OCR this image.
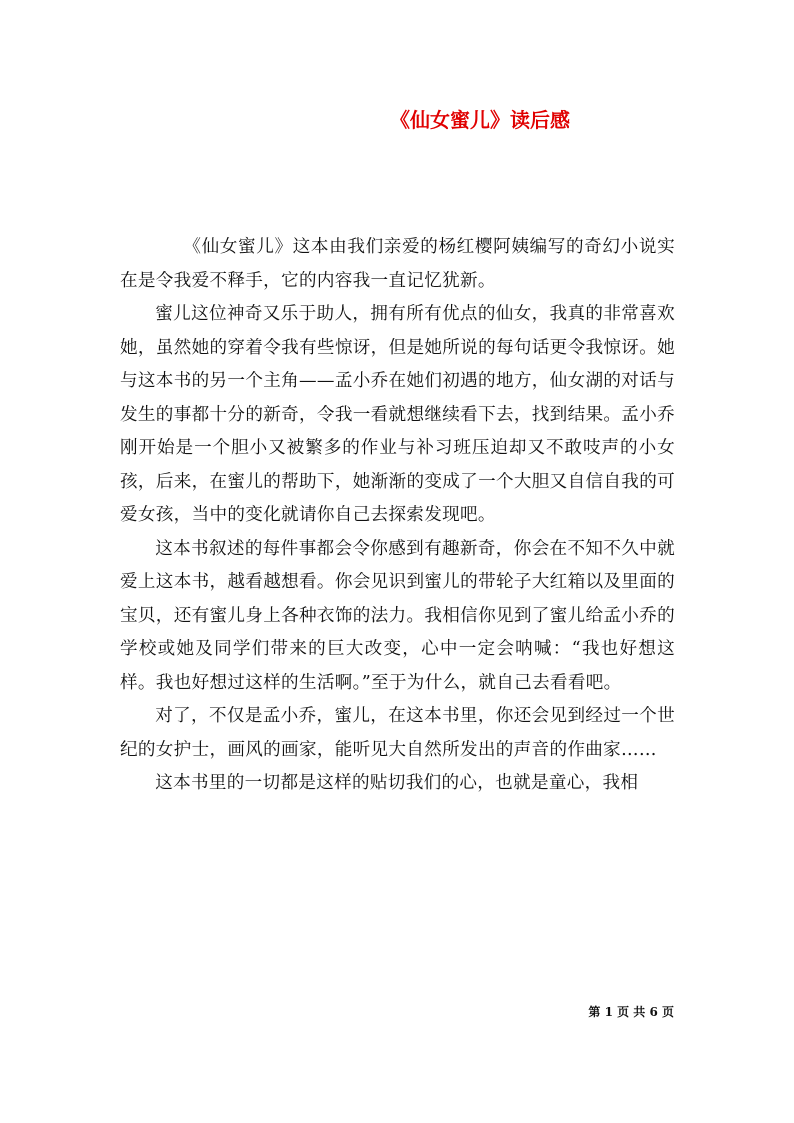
《仙女蜜儿》读后感

《仙女蜜儿》这本由我们亲爱的杨红樱阿姨编写的奇幻小说实在是令我爱不释手，它的内容我一直记忆犹新。

蜜儿这位神奇又乐于助人，拥有所有优点的仙女，我真的非常喜欢她，虽然她的穿着令我有些惊讶，但是她所说的每句话更令我惊讶。她与这本书的另一个主角——孟小乔在她们初遇的地方，仙女湖的对话与发生的事都十分的新奇，令我一看就想继续看下去，找到结果。孟小乔刚开始是一个胆小又被繁多的作业与补习班压迫却又不敢吱声的小女孩，后来，在蜜儿的帮助下，她渐渐的变成了一个大胆又自信自我的可爱女孩，当中的变化就请你自己去探索发现吧。

这本书叙述的每件事都会令你感到有趣新奇，你会在不知不久中就爱上这本书，越看越想看。你会见识到蜜儿的带轮子大红箱以及里面的宝贝，还有蜜儿身上各种衣饰的法力。我相信你见到了蜜儿给孟小乔的学校或她及同学们带来的巨大改变，心中一定会呐喊：“我也好想这样。我也好想过这样的生活啊。”至于为什么，就自己去看看吧。

对了，不仅是孟小乔，蜜儿，在这本书里，你还会见到经过一个世纪的女护士，画风的画家，能听见大自然所发出的声音的作曲家……

这本书里的一切都是这样的贴切我们的心，也就是童心，我相

第 1 页 共 6 页
